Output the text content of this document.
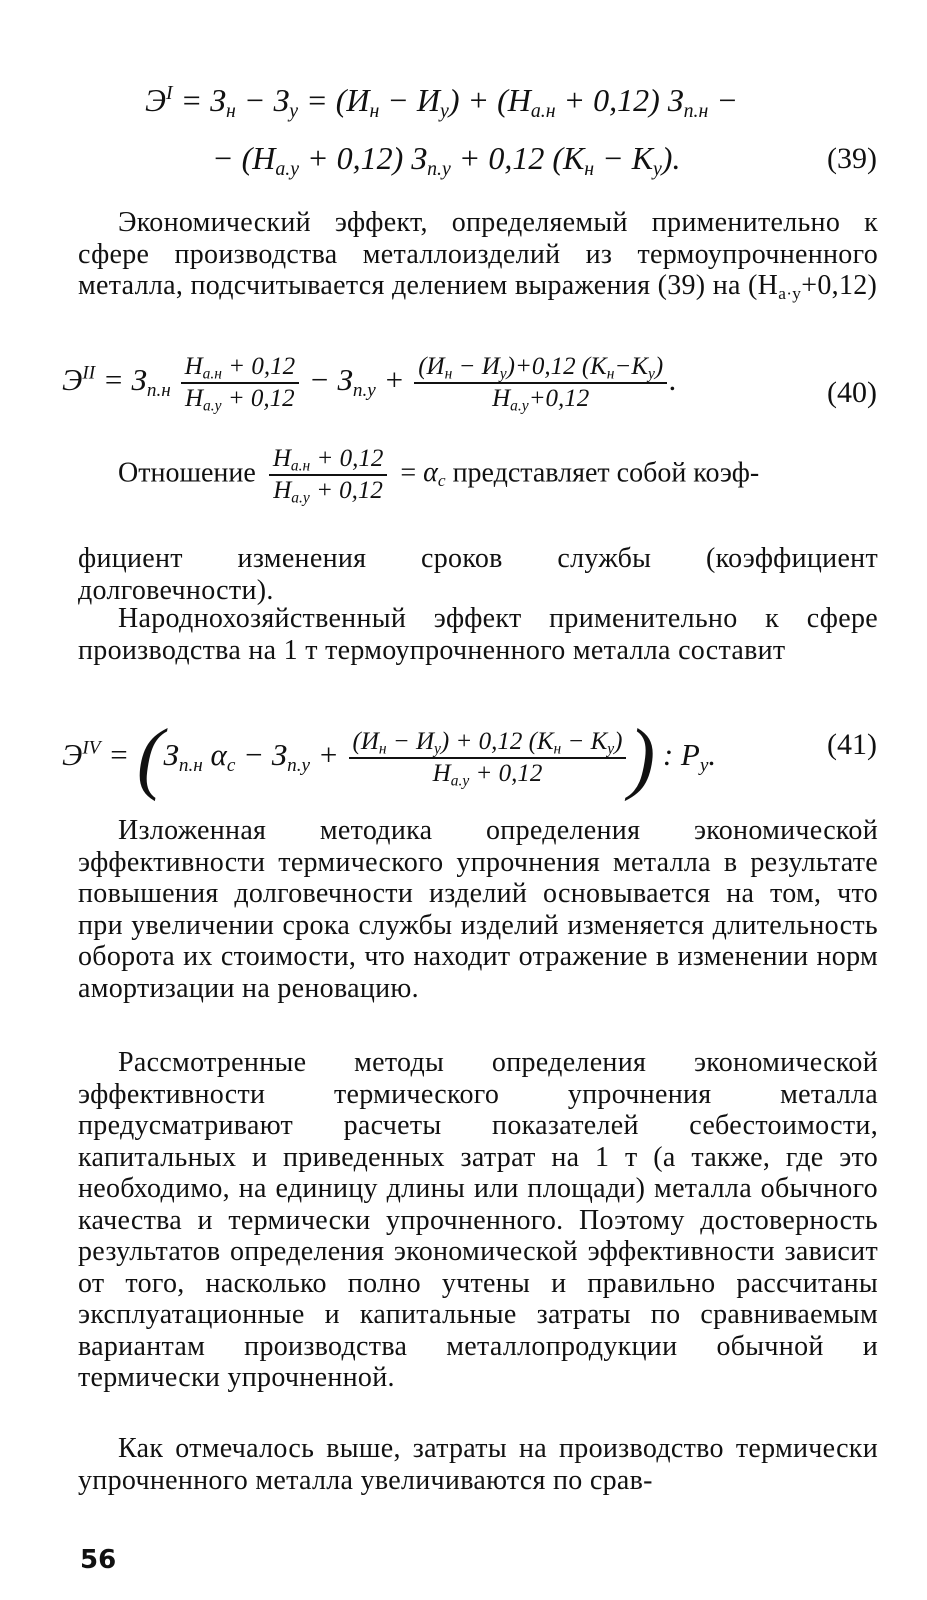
$Э^I = З_н - З_у = (И_н - И_у) + (Н_{а.н} + 0,12) З_{п.н}$ −
− $(Н_{а.у} + 0,12) З_{п.у} + 0,12$ $(К_н - К_у)$.	(39)
Экономический эффект, определяемый применительно к сфере производства металлоизделий из термоупрочненного металла, подсчитывается делением выражения (39) на $(Н_{а\cdot у}+0,12)$
$Э^{II} = З_{п.н} \frac{Н_{а.н} + 0,12}{Н_{а.у} + 0,12} - З_{п.у} + \frac{(И_н - И_у)+0,12 (К_н-К_у)}{Н_{а.у}+0,12}$ .	(40)
Отношение $\frac{Н_{а.н} + 0,12}{Н_{а.у} + 0,12} = \alpha_с$ представляет собой коэф-
фициент изменения сроков службы (коэффициент долговечности).
Народнохозяйственный эффект применительно к сфере производства на 1 т термоупрочненного металла составит
$Э^{IV} = (З_{п.н}$ $\alpha_с - З_{п.у} + \frac{(И_н - И_у) + 0,12 (К_н - К_у)}{Н_{а.у} + 0,12}$ ) : $Р_у$.	(41)
Изложенная методика определения экономической эффективности термического упрочнения металла в результате повышения долговечности изделий основывается на том, что при увеличении срока службы изделий изменяется длительность оборота их стоимости, что находит отражение в изменении норм амортизации на реновацию.
Рассмотренные методы определения экономической эффективности термического упрочнения металла предусматривают расчеты показателей себестоимости, капитальных и приведенных затрат на 1 т (а также, где это необходимо, на единицу длины или площади) металла обычного качества и термически упрочненного. Поэтому достоверность результатов определения экономической эффективности зависит от того, насколько полно учтены и правильно рассчитаны эксплуатационные и капитальные затраты по сравниваемым вариантам производства металлопродукции обычной и термически упрочненной.
Как отмечалось выше, затраты на производство термически упрочненного металла увеличиваются по срав-
56
